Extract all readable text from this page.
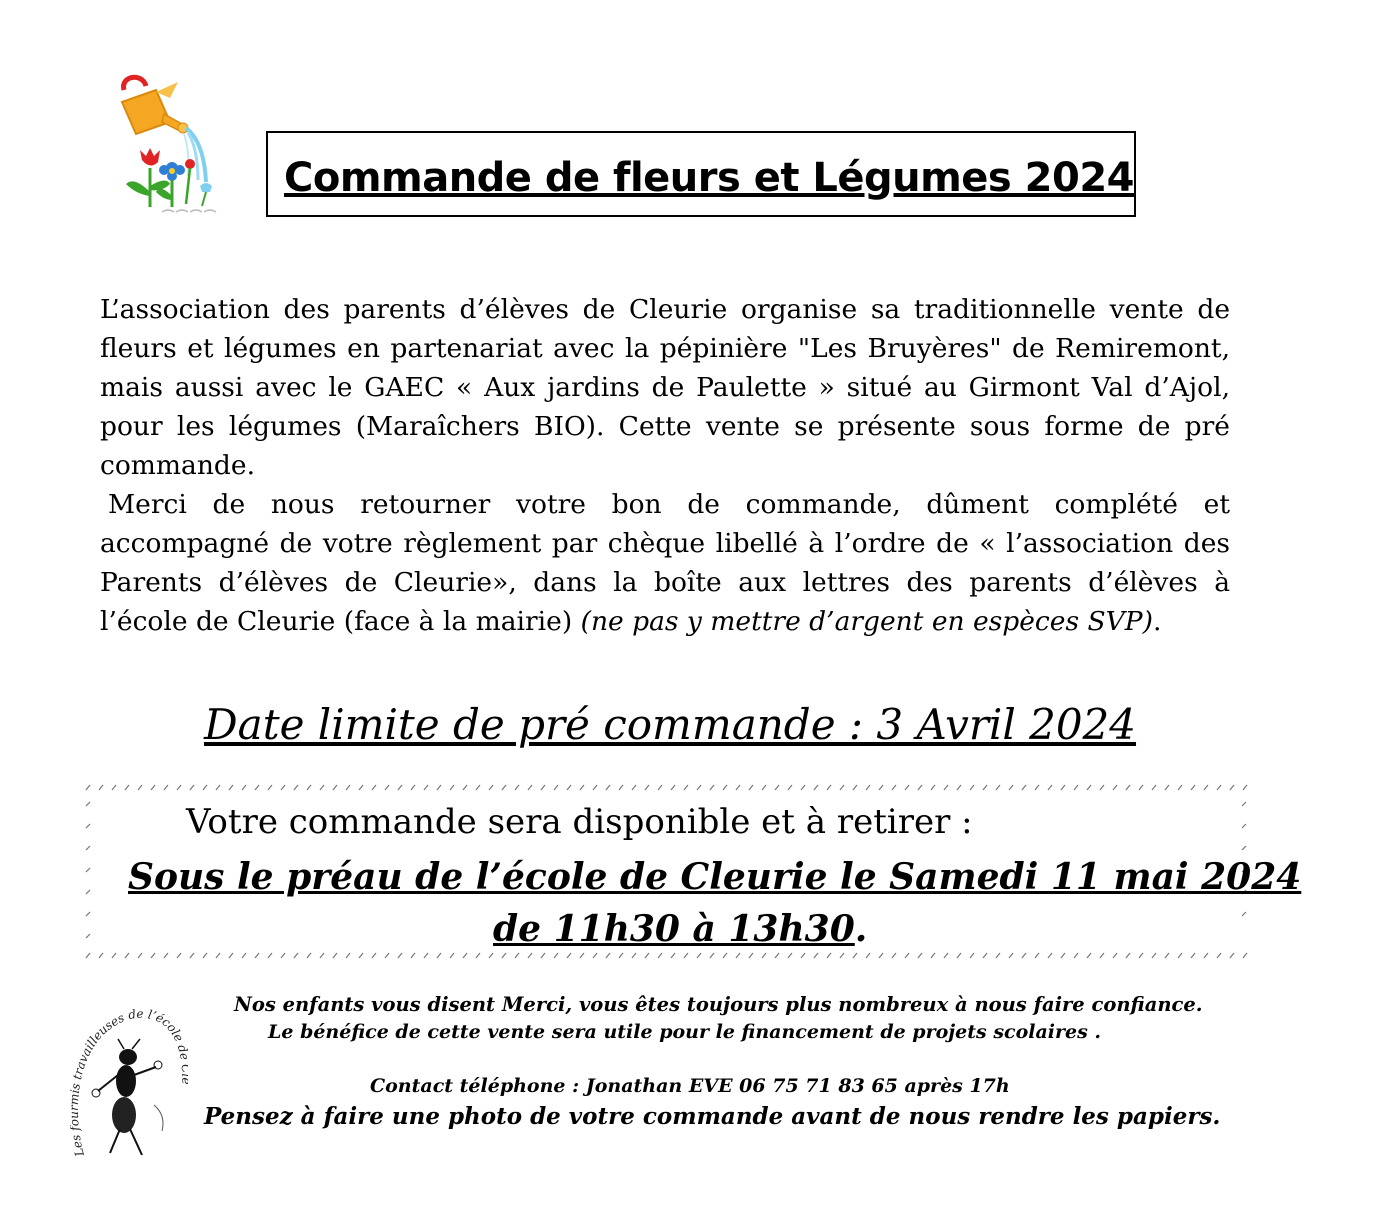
Commande de fleurs et Légumes 2024

L’association des parents d’élèves de Cleurie organise sa traditionnelle vente de fleurs et légumes en partenariat avec la pépinière "Les Bruyères" de Remiremont, mais aussi avec le GAEC « Aux jardins de Paulette » situé au Girmont Val d’Ajol, pour les légumes (Maraîchers BIO). Cette vente se présente sous forme de pré commande.

Merci de nous retourner votre bon de commande, dûment complété et accompagné de votre règlement par chèque libellé à l’ordre de « l’association des Parents d’élèves de Cleurie», dans la boîte aux lettres des parents d’élèves à

l’école de Cleurie (face à la mairie) (ne pas y mettre d’argent en espèces SVP).

Date limite de pré commande : 3 Avril 2024
Votre commande sera disponible et à retirer :
Sous le préau de l’école de Cleurie le Samedi 11 mai 2024
de 11h30 à 13h30.
Nos enfants vous disent Merci, vous êtes toujours plus nombreux à nous faire confiance.
Le bénéfice de cette vente sera utile pour le financement de projets scolaires .
Contact téléphone : Jonathan EVE 06 75 71 83 65 après 17h
Pensez à faire une photo de votre commande avant de nous rendre les papiers.
Les travailleuses de l’école
